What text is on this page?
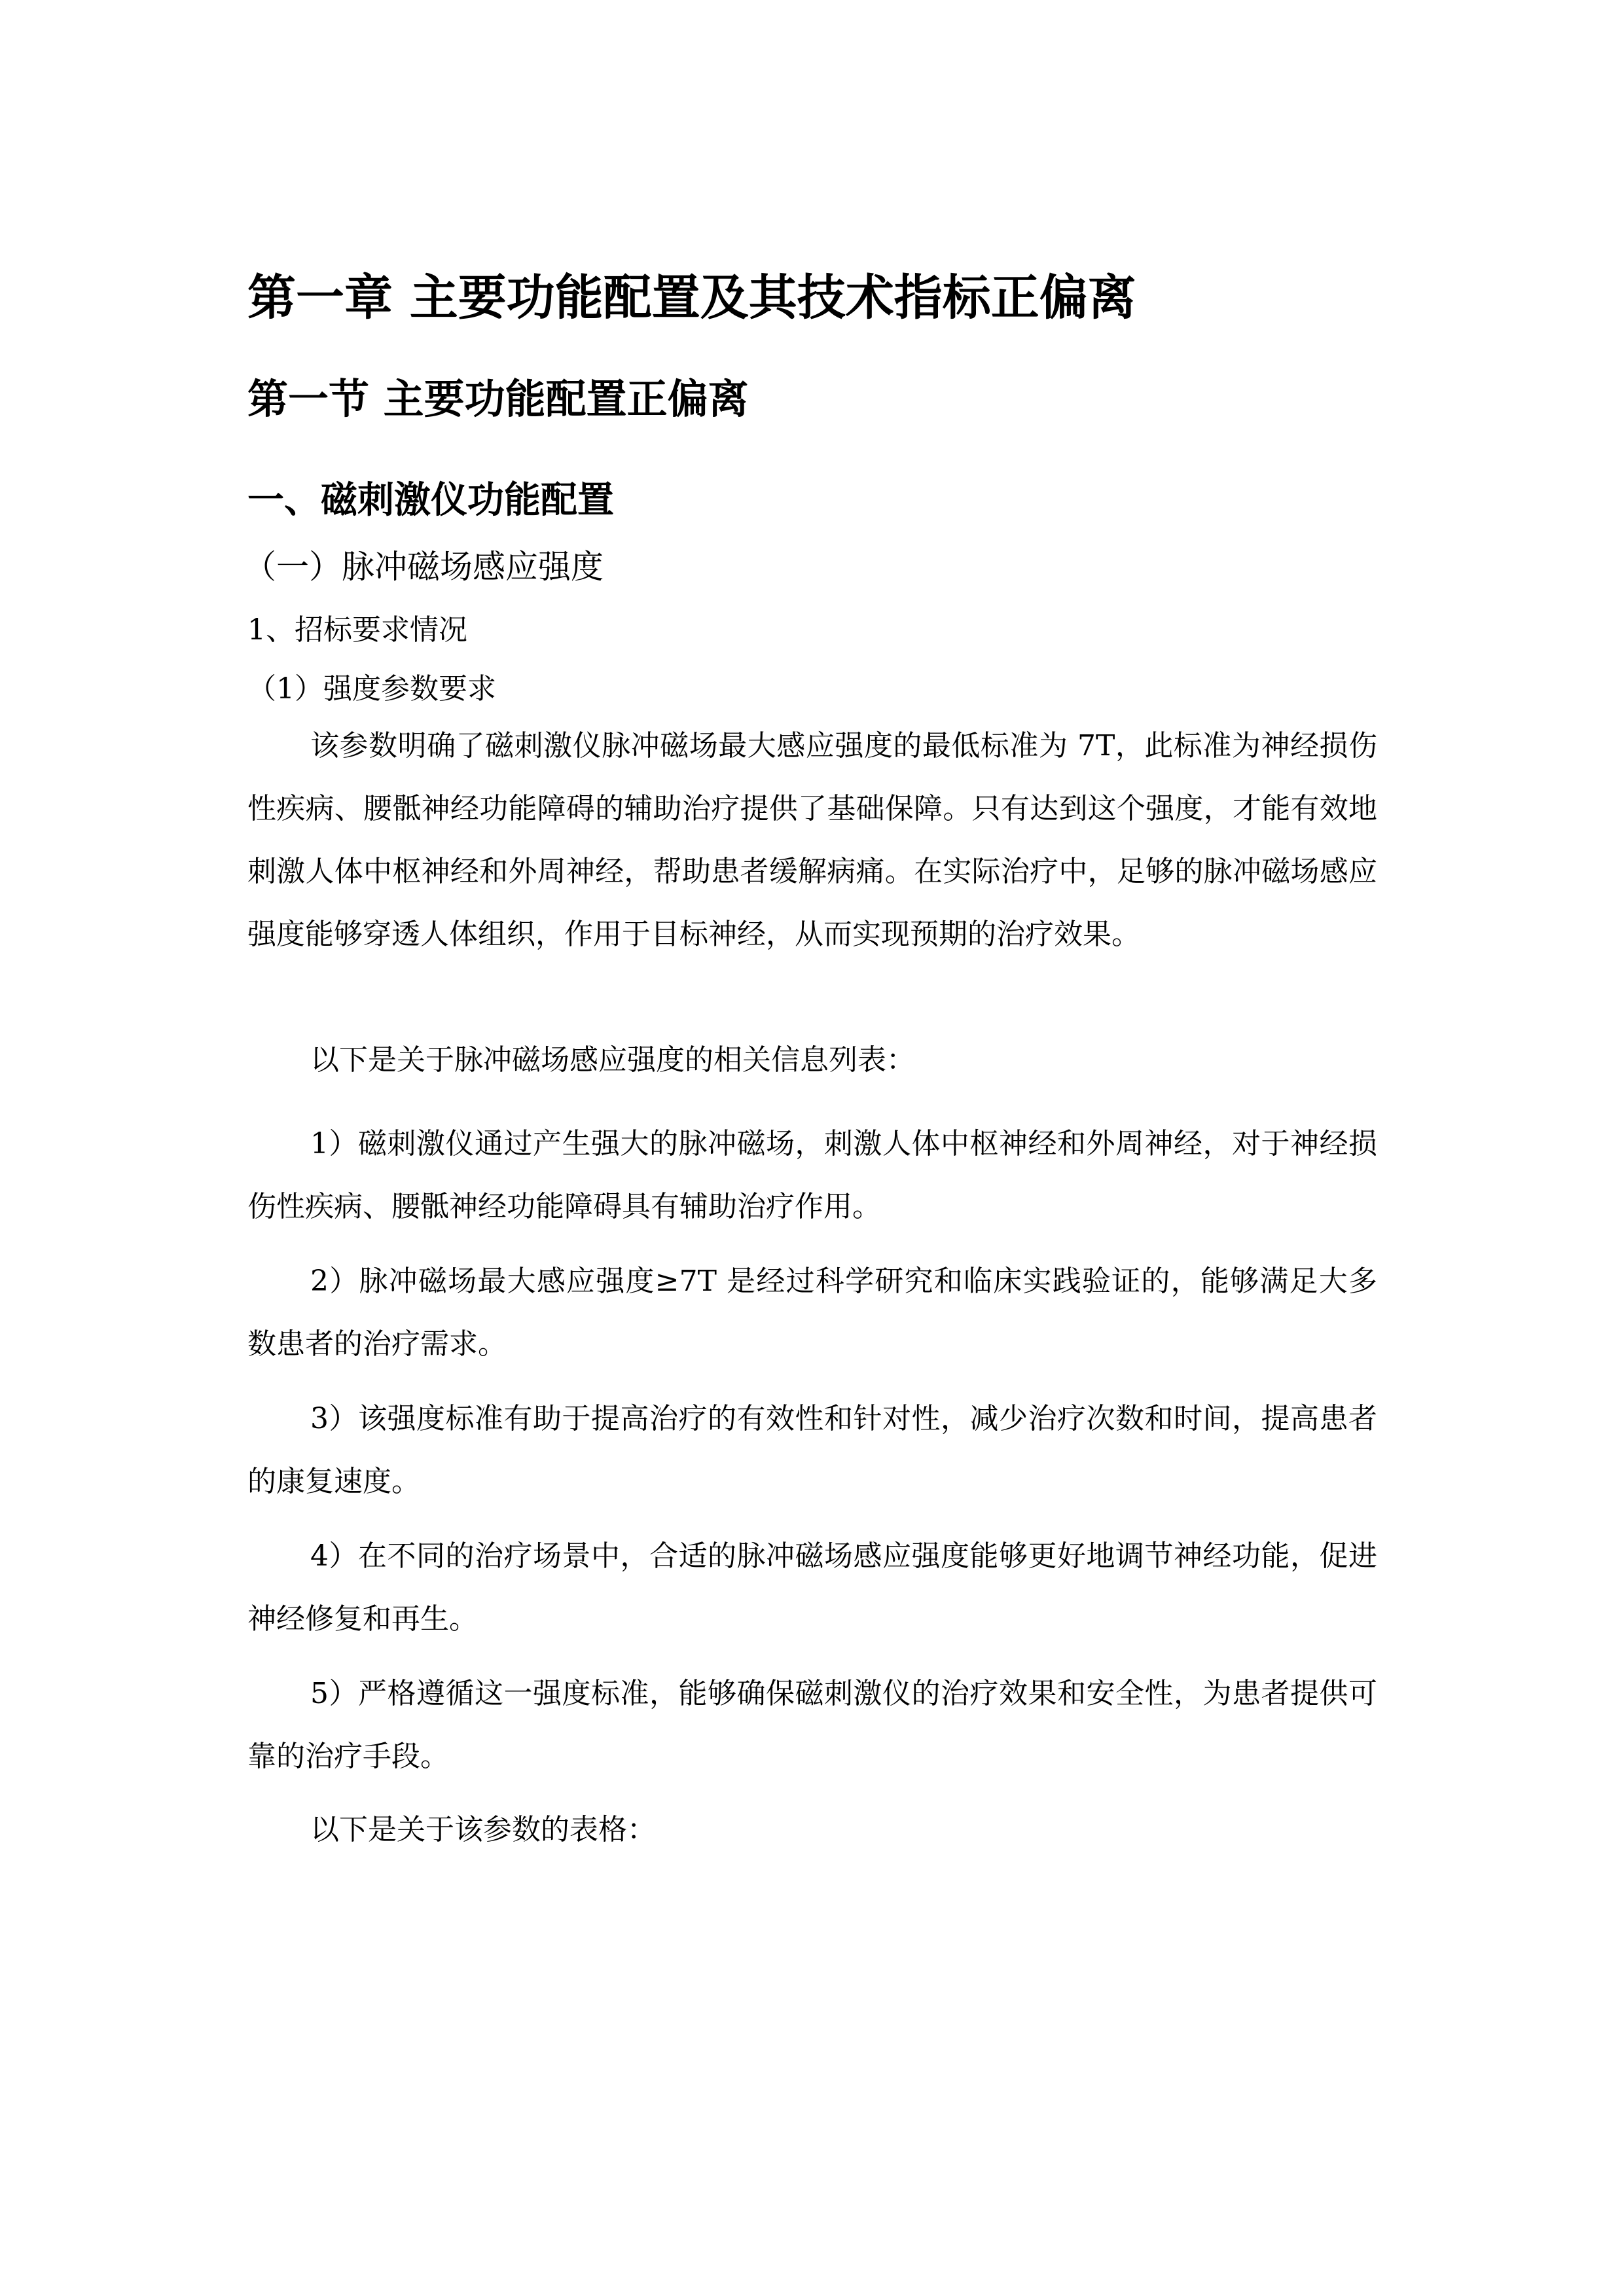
第一章 主要功能配置及其技术指标正偏离
第一节 主要功能配置正偏离
一、磁刺激仪功能配置
（一）脉冲磁场感应强度
1、招标要求情况
（1）强度参数要求
该参数明确了磁刺激仪脉冲磁场最大感应强度的最低标准为 7T，此标准为神经损伤性疾病、腰骶神经功能障碍的辅助治疗提供了基础保障。只有达到这个强度，才能有效地刺激人体中枢神经和外周神经，帮助患者缓解病痛。在实际治疗中，足够的脉冲磁场感应强度能够穿透人体组织，作用于目标神经，从而实现预期的治疗效果。
以下是关于脉冲磁场感应强度的相关信息列表：
1）磁刺激仪通过产生强大的脉冲磁场，刺激人体中枢神经和外周神经，对于神经损伤性疾病、腰骶神经功能障碍具有辅助治疗作用。
2）脉冲磁场最大感应强度≥7T 是经过科学研究和临床实践验证的，能够满足大多数患者的治疗需求。
3）该强度标准有助于提高治疗的有效性和针对性，减少治疗次数和时间，提高患者的康复速度。
4）在不同的治疗场景中，合适的脉冲磁场感应强度能够更好地调节神经功能，促进神经修复和再生。
5）严格遵循这一强度标准，能够确保磁刺激仪的治疗效果和安全性，为患者提供可靠的治疗手段。
以下是关于该参数的表格：
